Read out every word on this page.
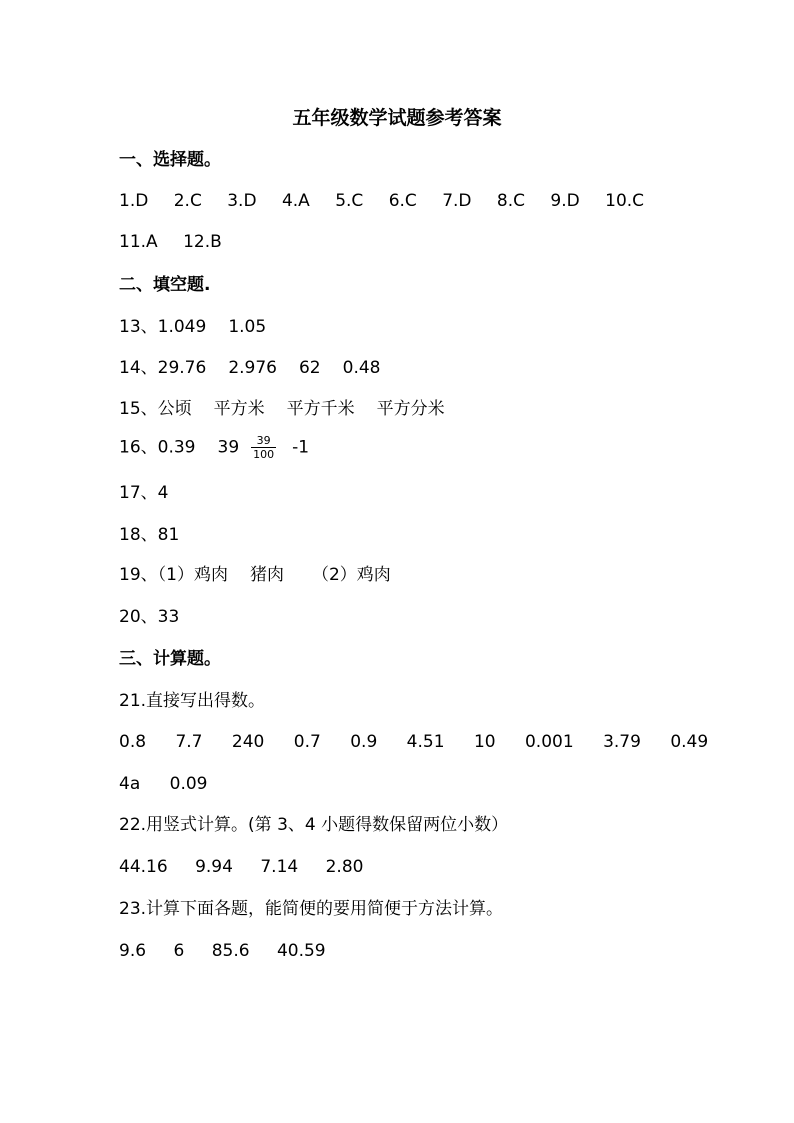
五年级数学试题参考答案
一、选择题。
1.D 2.C 3.D 4.A 5.C 6.C 7.D 8.C 9.D 10.C
11.A 12.B
二、填空题.
13、1.049 1.05
14、29.76 2.976 62 0.48
15、公顷 平方米 平方千米 平方分米
16、0.39 $39 \frac{39}{100} -1$
17、4
18、81
19、（1）鸡肉 猪肉 （2）鸡肉
20、33
三、计算题。
21.直接写出得数。
0.8 7.7 240 0.7 0.9 4.51 10 0.001 3.79 0.49
4a 0.09
22.用竖式计算。(第 3、4 小题得数保留两位小数）
44.16 9.94 7.14 2.80
23.计算下面各题，能简便的要用简便于方法计算。
9.6 6 85.6 40.59
